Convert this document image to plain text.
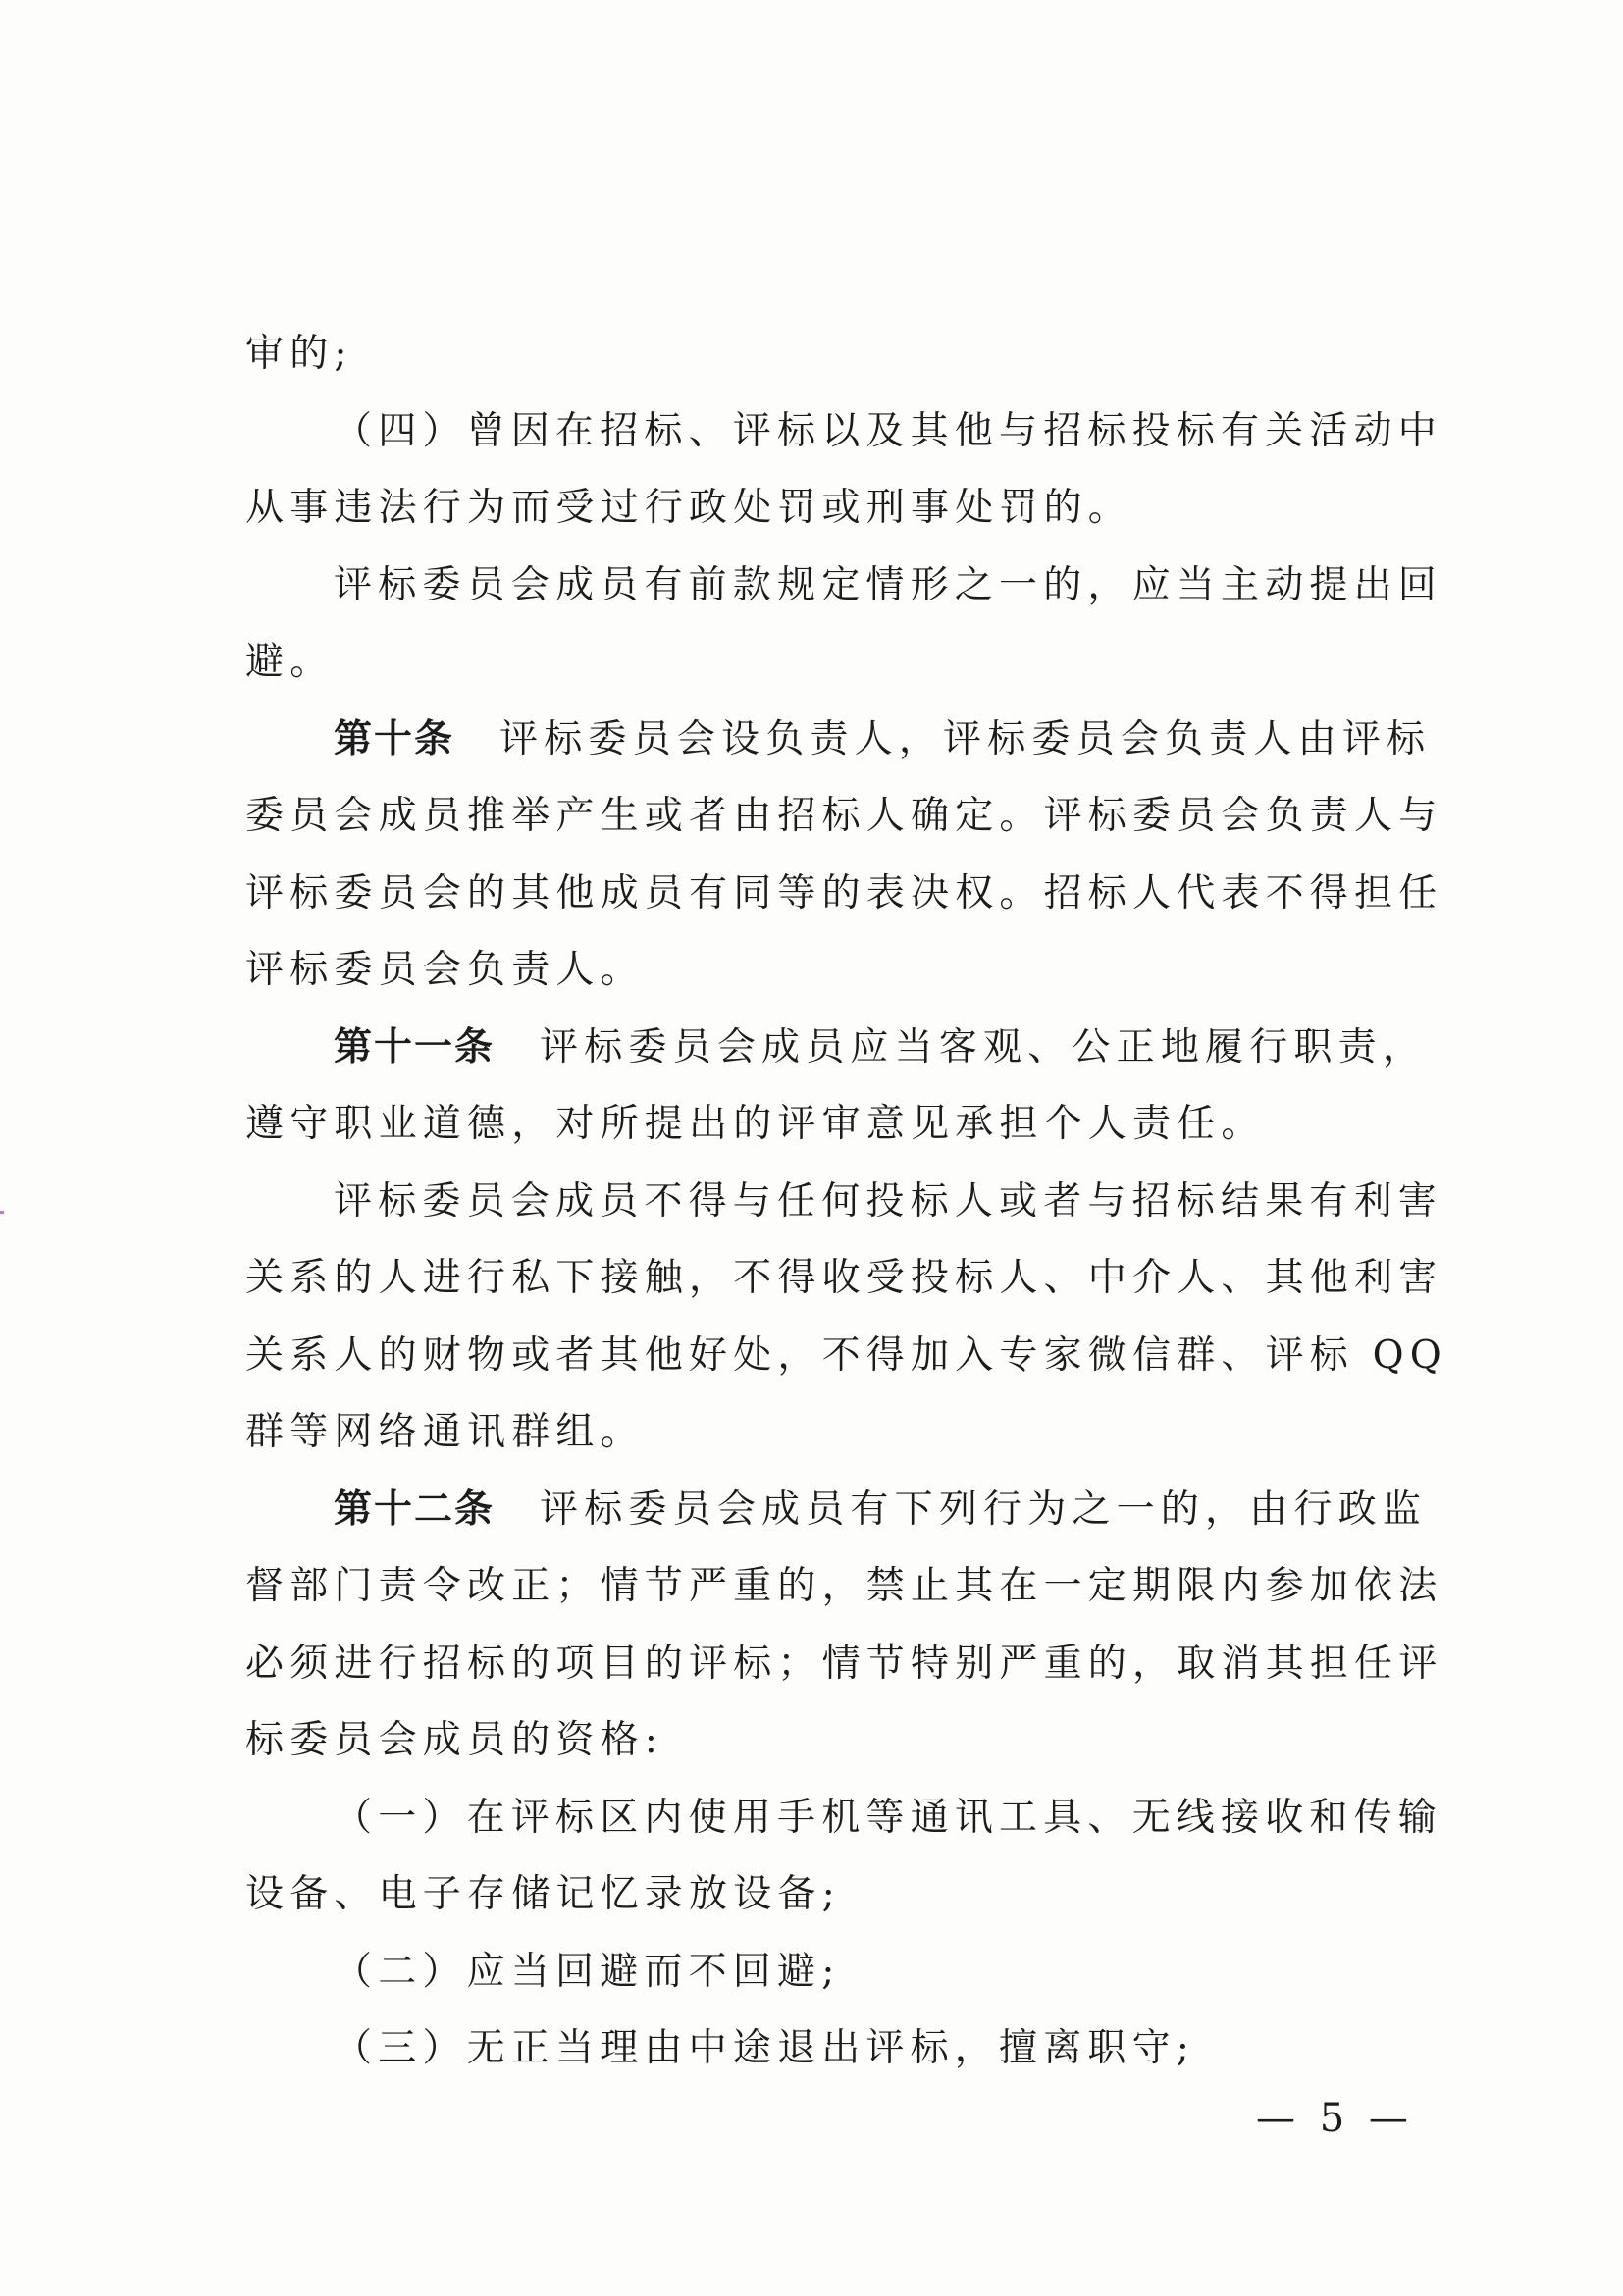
审的;
（四）曾因在招标、评标以及其他与招标投标有关活动中
从事违法行为而受过行政处罚或刑事处罚的。
评标委员会成员有前款规定情形之一的，应当主动提出回
避。
第十条 评标委员会设负责人，评标委员会负责人由评标
委员会成员推举产生或者由招标人确定。评标委员会负责人与
评标委员会的其他成员有同等的表决权。招标人代表不得担任
评标委员会负责人。
第十一条 评标委员会成员应当客观、公正地履行职责，
遵守职业道德，对所提出的评审意见承担个人责任。
评标委员会成员不得与任何投标人或者与招标结果有利害
关系的人进行私下接触，不得收受投标人、中介人、其他利害
关系人的财物或者其他好处，不得加入专家微信群、评标 QQ
群等网络通讯群组。
第十二条 评标委员会成员有下列行为之一的，由行政监
督部门责令改正；情节严重的，禁止其在一定期限内参加依法
必须进行招标的项目的评标；情节特别严重的，取消其担任评
标委员会成员的资格:
（一）在评标区内使用手机等通讯工具、无线接收和传输
设备、电子存储记忆录放设备;
（二）应当回避而不回避;
（三）无正当理由中途退出评标，擅离职守;
— 5 —
